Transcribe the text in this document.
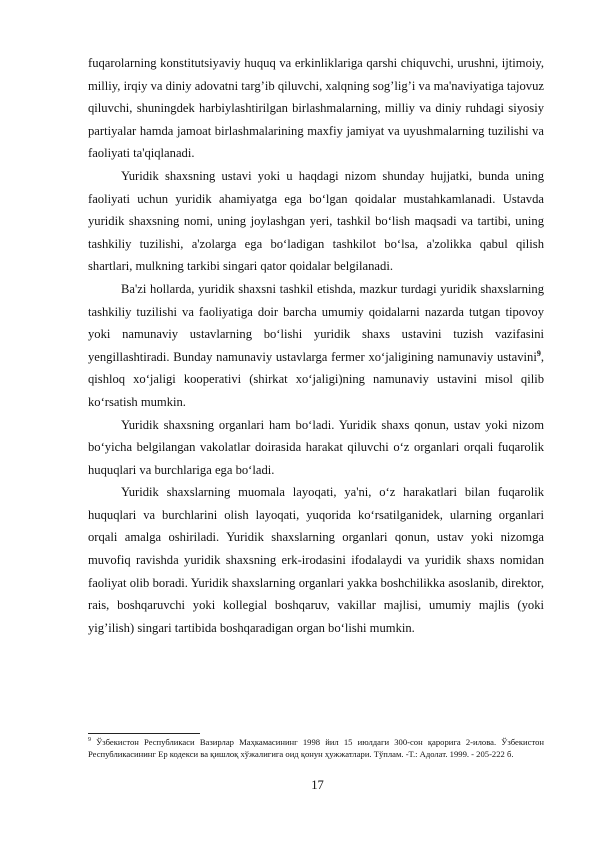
fuqarolarning konstitutsiyaviy huquq va erkinliklariga qarshi chiquvchi, urushni, ijtimoiy, milliy, irqiy va diniy adovatni targ’ib qiluvchi, xalqning sog’lig’i va ma'naviyatiga tajovuz qiluvchi, shuningdek harbiylashtirilgan birlashmalarning, milliy va diniy ruhdagi siyosiy partiyalar hamda jamoat birlashmalarining maxfiy jamiyat va uyushmalarning tuzilishi va faoliyati ta'qiqlanadi.

Yuridik shaxsning ustavi yoki u haqdagi nizom shunday hujjatki, bunda uning faoliyati uchun yuridik ahamiyatga ega bo‘lgan qoidalar mustahkamlanadi. Ustavda yuridik shaxsning nomi, uning joylashgan yeri, tashkil bo‘lish maqsadi va tartibi, uning tashkiliy tuzilishi, a'zolarga ega bo‘ladigan tashkilot bo‘lsa, a'zolikka qabul qilish shartlari, mulkning tarkibi singari qator qoidalar belgilanadi.

Ba'zi hollarda, yuridik shaxsni tashkil etishda, mazkur turdagi yuridik shaxslarning tashkiliy tuzilishi va faoliyatiga doir barcha umumiy qoidalarni nazarda tutgan tipovoy yoki namunaviy ustavlarning bo‘lishi yuridik shaxs ustavini tuzish vazifasini yengillashtiradi. Bunday namunaviy ustavlarga fermer xo‘jaligining namunaviy ustavini$^9$, qishloq xo‘jaligi kooperativi (shirkat xo‘jaligi)ning namunaviy ustavini misol qilib ko‘rsatish mumkin.

Yuridik shaxsning organlari ham bo‘ladi. Yuridik shaxs qonun, ustav yoki nizom bo‘yicha belgilangan vakolatlar doirasida harakat qiluvchi o‘z organlari orqali fuqarolik huquqlari va burchlariga ega bo‘ladi.

Yuridik shaxslarning muomala layoqati, ya'ni, o‘z harakatlari bilan fuqarolik huquqlari va burchlarini olish layoqati, yuqorida ko‘rsatilganidek, ularning organlari orqali amalga oshiriladi. Yuridik shaxslarning organlari qonun, ustav yoki nizomga muvofiq ravishda yuridik shaxsning erk-irodasini ifodalaydi va yuridik shaxs nomidan faoliyat olib boradi. Yuridik shaxslarning organlari yakka boshchilikka asoslanib, direktor, rais, boshqaruvchi yoki kollegial boshqaruv, vakillar majlisi, umumiy majlis (yoki yig’ilish) singari tartibida boshqaradigan organ bo‘lishi mumkin.

$^9$ Ўзбекистон Республикаси Вазирлар Маҳкамасининг 1998 йил 15 июлдаги 300-сон қарорига 2-илова. Ўзбекистон Республикасининг Ер кодекси ва қишлоқ хўжалигига оид қонун ҳужжатлари. Тўплам. -Т.: Адолат. 1999. - 205-222 б.

17
